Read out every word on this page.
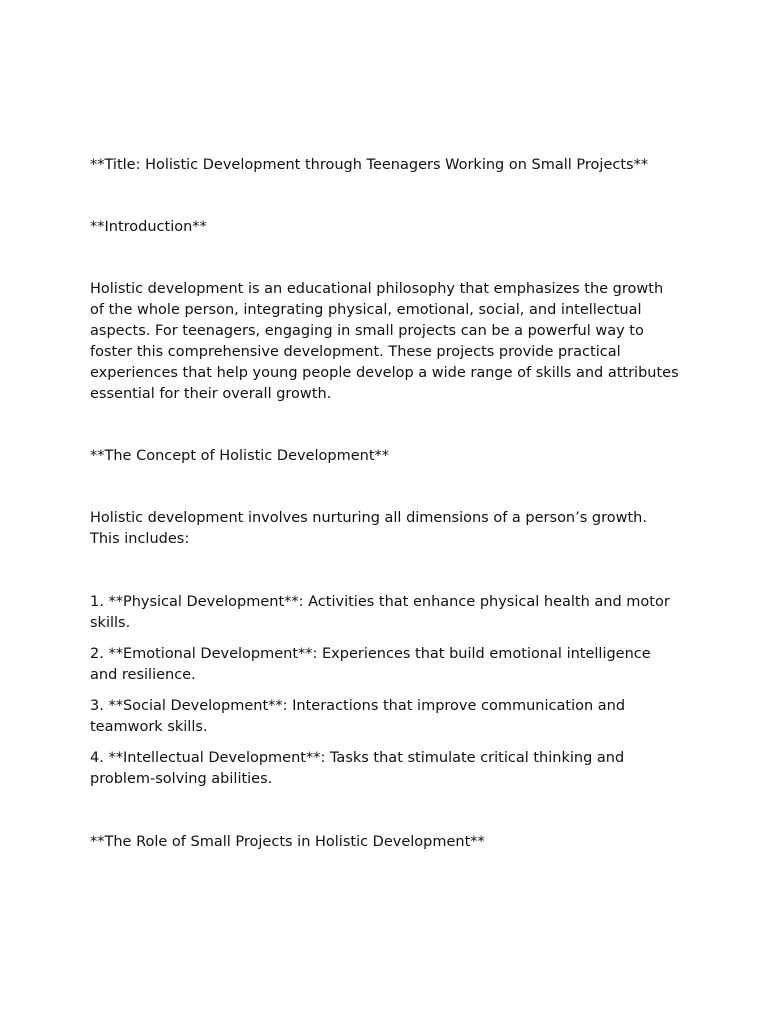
**Title: Holistic Development through Teenagers Working on Small Projects**

**Introduction**

Holistic development is an educational philosophy that emphasizes the growth of the whole person, integrating physical, emotional, social, and intellectual aspects. For teenagers, engaging in small projects can be a powerful way to foster this comprehensive development. These projects provide practical experiences that help young people develop a wide range of skills and attributes essential for their overall growth.

**The Concept of Holistic Development**

Holistic development involves nurturing all dimensions of a person’s growth. This includes:

1. **Physical Development**: Activities that enhance physical health and motor skills.

2. **Emotional Development**: Experiences that build emotional intelligence and resilience.

3. **Social Development**: Interactions that improve communication and teamwork skills.

4. **Intellectual Development**: Tasks that stimulate critical thinking and problem-solving abilities.

**The Role of Small Projects in Holistic Development**
